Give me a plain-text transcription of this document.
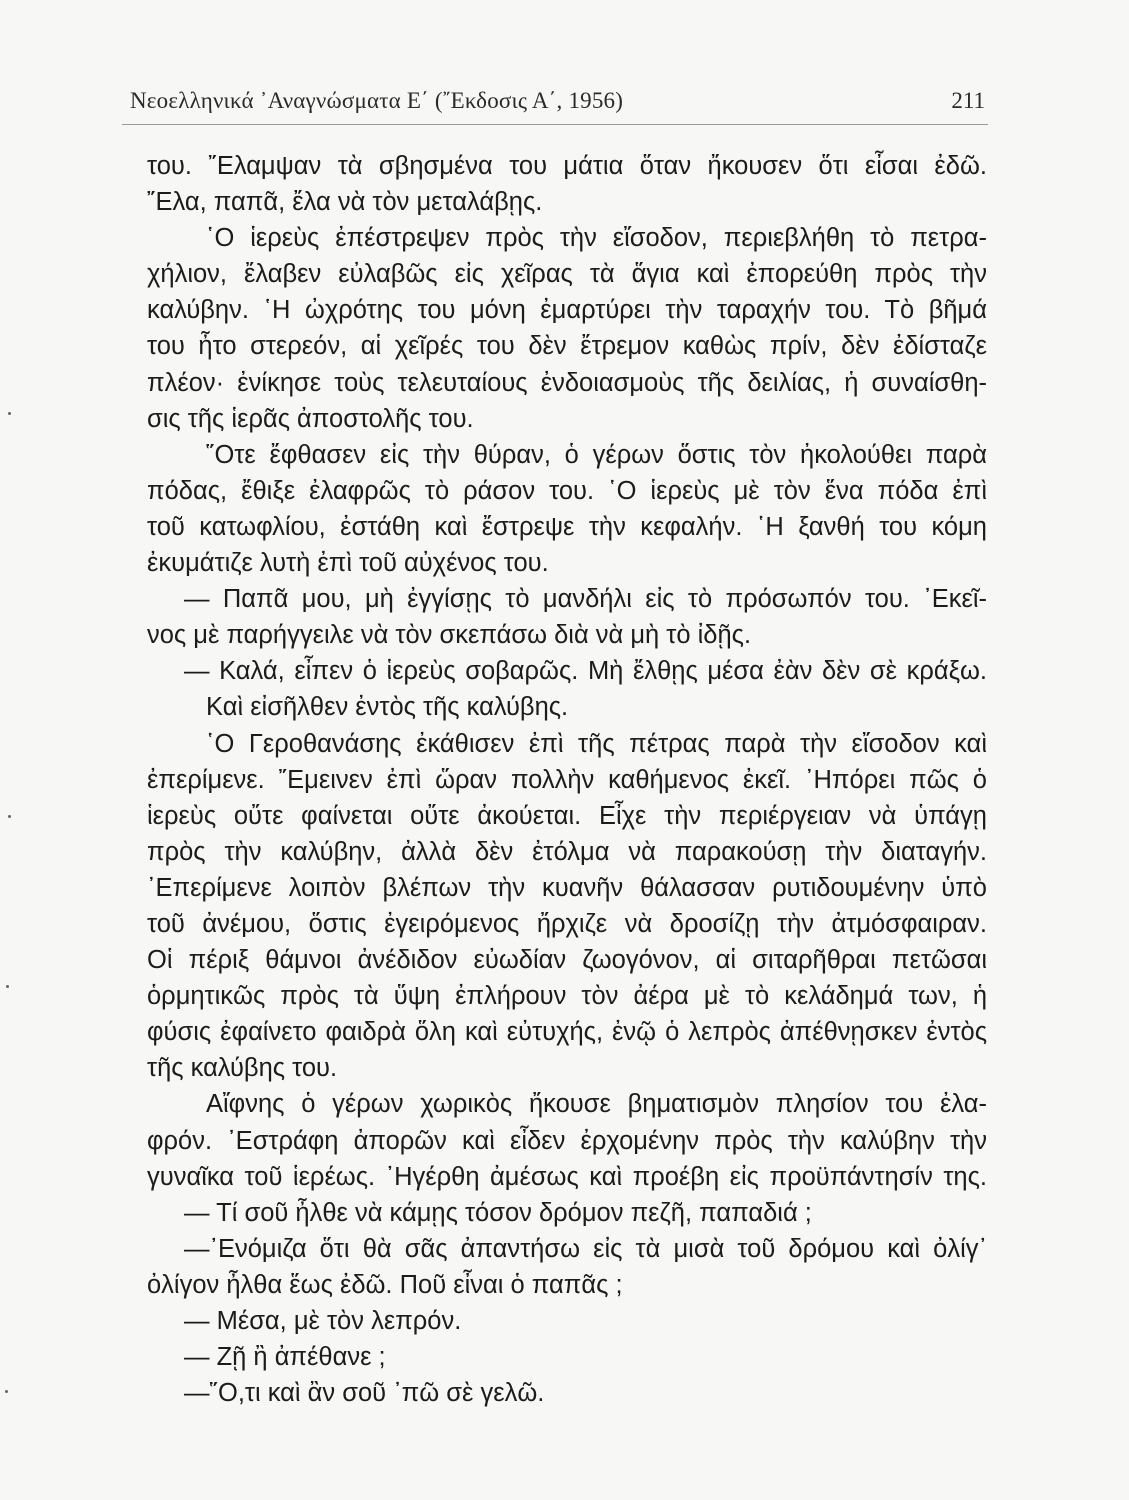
Νεοελληνικά ᾽Αναγνώσματα Ε΄ (῎Εκδοσις Α΄, 1956)	211
του. ῎Ελαμψαν τὰ σβησμένα του μάτια ὅταν ἤκουσεν ὅτι εἶσαι ἐδῶ.
῎Ελα, παπᾶ, ἔλα νὰ τὸν μεταλάβῃς.
῾Ο ἱερεὺς ἐπέστρεψεν πρὸς τὴν εἴσοδον, περιεβλήθη τὸ πετρα-
χήλιον, ἔλαβεν εὐλαβῶς εἰς χεῖρας τὰ ἅγια καὶ ἐπορεύθη πρὸς τὴν
καλύβην. ῾Η ὠχρότης του μόνη ἐμαρτύρει τὴν ταραχήν του. Τὸ βῆμά
του ἦτο στερεόν, αἱ χεῖρές του δὲν ἔτρεμον καθὼς πρίν, δὲν ἐδίσταζε
πλέον· ἐνίκησε τοὺς τελευταίους ἐνδοιασμοὺς τῆς δειλίας, ἡ συναίσθη-
σις τῆς ἱερᾶς ἀποστολῆς του.
῞Οτε ἔφθασεν εἰς τὴν θύραν, ὁ γέρων ὅστις τὸν ἠκολούθει παρὰ
πόδας, ἔθιξε ἐλαφρῶς τὸ ράσον του. ῾Ο ἱερεὺς μὲ τὸν ἕνα πόδα ἐπὶ
τοῦ κατωφλίου, ἐστάθη καὶ ἔστρεψε τὴν κεφαλήν. ῾Η ξανθή του κόμη
ἐκυμάτιζε λυτὴ ἐπὶ τοῦ αὐχένος του.
— Παπᾶ μου, μὴ ἐγγίσῃς τὸ μανδήλι εἰς τὸ πρόσωπόν του. ᾽Εκεῖ-
νος μὲ παρήγγειλε νὰ τὸν σκεπάσω διὰ νὰ μὴ τὸ ἰδῇς.
— Καλά, εἶπεν ὁ ἱερεὺς σοβαρῶς. Μὴ ἔλθῃς μέσα ἐὰν δὲν σὲ κράξω.
Καὶ εἰσῆλθεν ἐντὸς τῆς καλύβης.
῾Ο Γεροθανάσης ἐκάθισεν ἐπὶ τῆς πέτρας παρὰ τὴν εἴσοδον καὶ
ἐπερίμενε. ῎Εμεινεν ἐπὶ ὥραν πολλὴν καθήμενος ἐκεῖ. ᾽Ηπόρει πῶς ὁ
ἱερεὺς οὔτε φαίνεται οὔτε ἀκούεται. Εἶχε τὴν περιέργειαν νὰ ὑπάγῃ
πρὸς τὴν καλύβην, ἀλλὰ δὲν ἐτόλμα νὰ παρακούσῃ τὴν διαταγήν.
᾽Επερίμενε λοιπὸν βλέπων τὴν κυανῆν θάλασσαν ρυτιδουμένην ὑπὸ
τοῦ ἀνέμου, ὅστις ἐγειρόμενος ἤρχιζε νὰ δροσίζῃ τὴν ἀτμόσφαιραν.
Οἱ πέριξ θάμνοι ἀνέδιδον εὐωδίαν ζωογόνον, αἱ σιταρῆθραι πετῶσαι
ὁρμητικῶς πρὸς τὰ ὕψη ἐπλήρουν τὸν ἀέρα μὲ τὸ κελάδημά των, ἡ
φύσις ἐφαίνετο φαιδρὰ ὅλη καὶ εὐτυχής, ἐνῷ ὁ λεπρὸς ἀπέθνῃσκεν ἐντὸς
τῆς καλύβης του.
Αἴφνης ὁ γέρων χωρικὸς ἤκουσε βηματισμὸν πλησίον του ἐλα-
φρόν. ᾽Εστράφη ἀπορῶν καὶ εἶδεν ἐρχομένην πρὸς τὴν καλύβην τὴν
γυναῖκα τοῦ ἱερέως. ᾽Ηγέρθη ἀμέσως καὶ προέβη εἰς προϋπάντησίν της.
— Τί σοῦ ἦλθε νὰ κάμῃς τόσον δρόμον πεζῆ, παπαδιά ;
—᾽Ενόμιζα ὅτι θὰ σᾶς ἀπαντήσω εἰς τὰ μισὰ τοῦ δρόμου καὶ ὀλίγ᾽
ὀλίγον ἦλθα ἕως ἐδῶ. Ποῦ εἶναι ὁ παπᾶς ;
— Μέσα, μὲ τὸν λεπρόν.
— Ζῇ ἢ ἀπέθανε ;
—῞Ο,τι καὶ ἂν σοῦ ᾽πῶ σὲ γελῶ.
